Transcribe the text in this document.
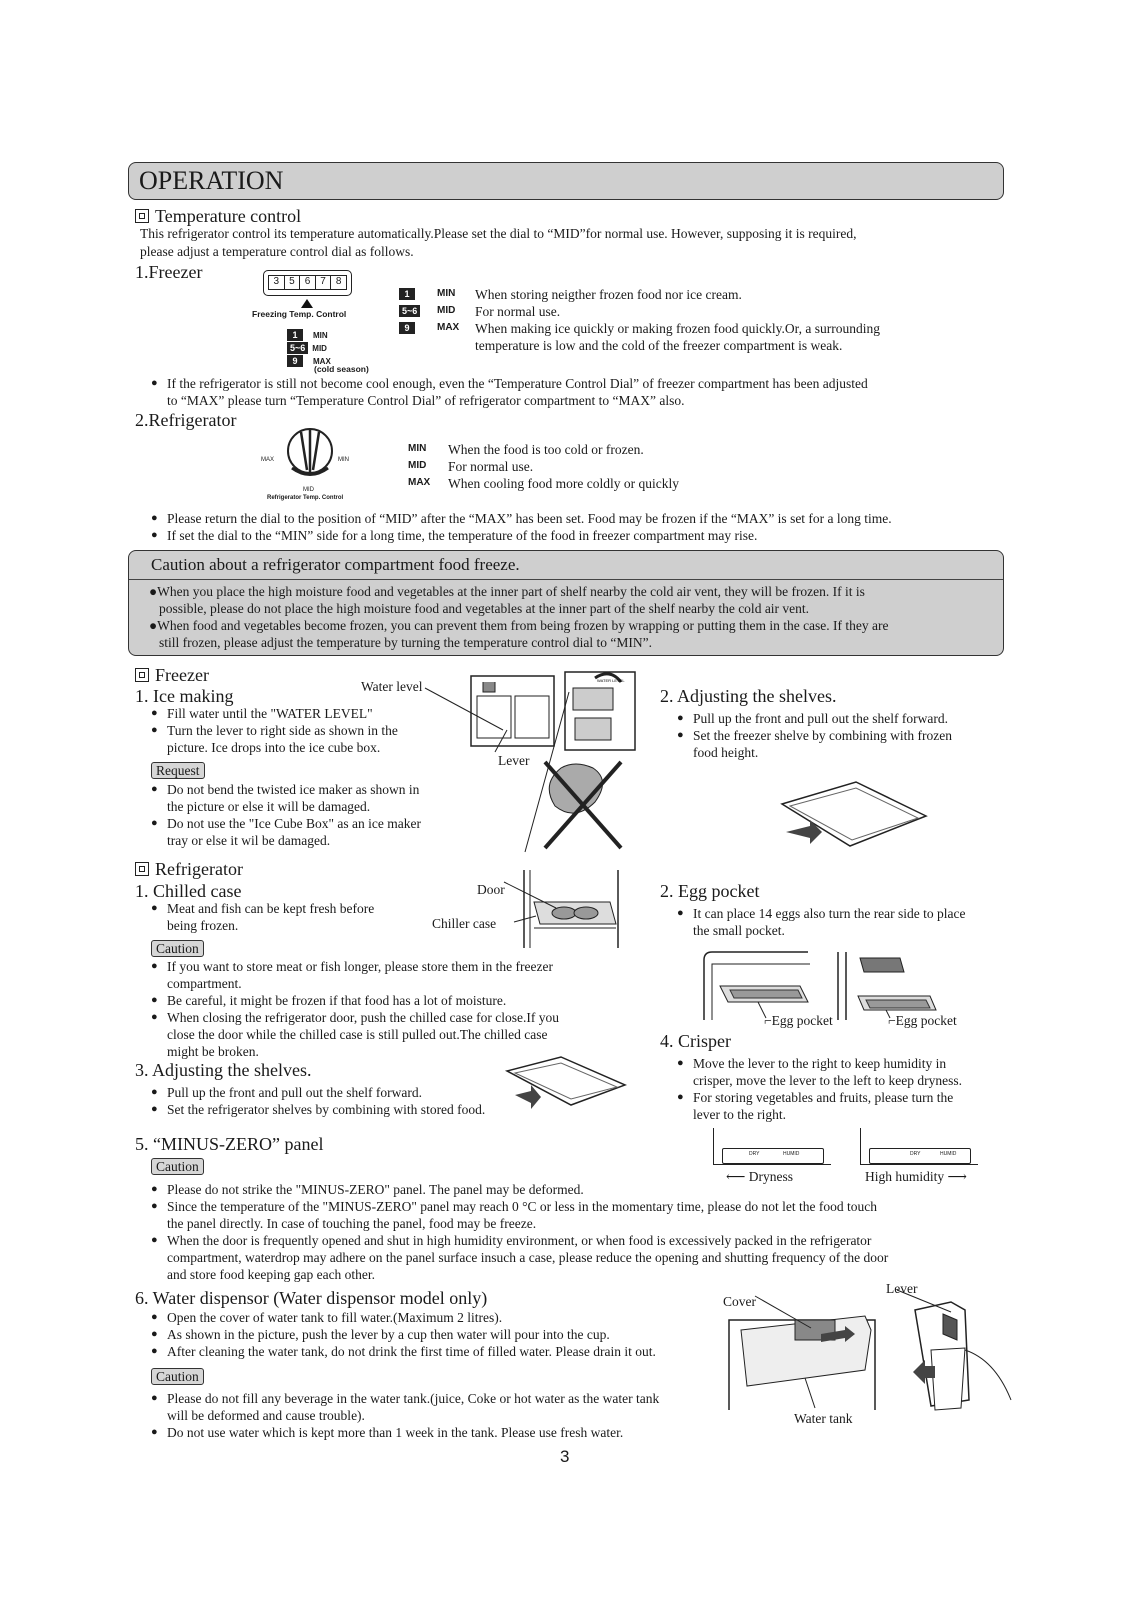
OPERATION
Temperature control
This refrigerator control its temperature automatically.Please set the dial to “MID”for normal use. However, supposing it is required,
please adjust a temperature control dial as follows.
1.Freezer	3	5	6	7	8
Freezing Temp. Control
1 MIN
5~6 MID
9 MAX
(cold season)
1	MIN When storing neigther frozen food nor ice cream.
5~6	MID For normal use.
9	MAX When making ice quickly or making frozen food quickly.Or, a surrounding
temperature is low and the cold of the freezer compartment is weak.
● If the refrigerator is still not become cool enough, even the “Temperature Control Dial” of freezer compartment has been adjusted
to “MAX” please turn “Temperature Control Dial” of refrigerator compartment to “MAX” also.
2.Refrigerator
MAX	MIN
MID
Refrigerator Temp. Control
MIN When the food is too cold or frozen.
MID For normal use.
MAX When cooling food more coldly or quickly
● Please return the dial to the position of “MID” after the “MAX” has been set. Food may be frozen if the “MAX” is set for a long time.
● If set the dial to the “MIN” side for a long time, the temperature of the food in freezer compartment may rise.
Caution about a refrigerator compartment food freeze.
●When you place the high moisture food and vegetables at the inner part of shelf nearby the cold air vent, they will be frozen. If it is
possible, please do not place the high moisture food and vegetables at the inner part of the shelf nearby the cold air vent.
●When food and vegetables become frozen, you can prevent them from being frozen by wrapping or putting them in the case. If they are
still frozen, please adjust the temperature by turning the temperature control dial to “MIN”.
Freezer
1. Ice making	Water level
● Fill water until the "WATER LEVEL"
● Turn the lever to right side as shown in the
picture. Ice drops into the ice cube box.
Lever
Request
● Do not bend the twisted ice maker as shown in
the picture or else it will be damaged.
● Do not use the "Ice Cube Box" as an ice maker
tray or else it wil be damaged.
WATER LEVEL
2. Adjusting the shelves.
● Pull up the front and pull out the shelf forward.
● Set the freezer shelve by combining with frozen
food height.
Refrigerator
1. Chilled case	Door
Chiller case
● Meat and fish can be kept fresh before
being frozen.
Caution
● If you want to store meat or fish longer, please store them in the freezer
compartment.
● Be careful, it might be frozen if that food has a lot of moisture.
● When closing the refrigerator door, push the chilled case for close.If you
close the door while the chilled case is still pulled out.The chilled case
might be broken.
2. Egg pocket
● It can place 14 eggs also turn the rear side to place
the small pocket.
⌐Egg pocket	⌐Egg pocket
3. Adjusting the shelves.
● Pull up the front and pull out the shelf forward.
● Set the refrigerator shelves by combining with stored food.
4. Crisper
● Move the lever to the right to keep humidity in
crisper, move the lever to the left to keep dryness.
● For storing vegetables and fruits, please turn the
lever to the right.
DRY	HUMID
⟵ Dryness
DRY	HUMID
High humidity ⟶
5. “MINUS-ZERO” panel
Caution
● Please do not strike the "MINUS-ZERO" panel. The panel may be deformed.
● Since the temperature of the "MINUS-ZERO" panel may reach 0 °C or less in the momentary time, please do not let the food touch
the panel directly. In case of touching the panel, food may be freeze.
● When the door is frequently opened and shut in high humidity environment, or when food is excessively packed in the refrigerator
compartment, waterdrop may adhere on the panel surface insuch a case, please reduce the opening and shutting frequency of the door
and store food keeping gap each other.
6. Water dispensor (Water dispensor model only)
● Open the cover of water tank to fill water.(Maximum 2 litres).
● As shown in the picture, push the lever by a cup then water will pour into the cup.
● After cleaning the water tank, do not drink the first time of filled water. Please drain it out.
Caution
● Please do not fill any beverage in the water tank.(juice, Coke or hot water as the water tank
will be deformed and cause trouble).
● Do not use water which is kept more than 1 week in the tank. Please use fresh water.
Cover
Lever
Water tank
3
